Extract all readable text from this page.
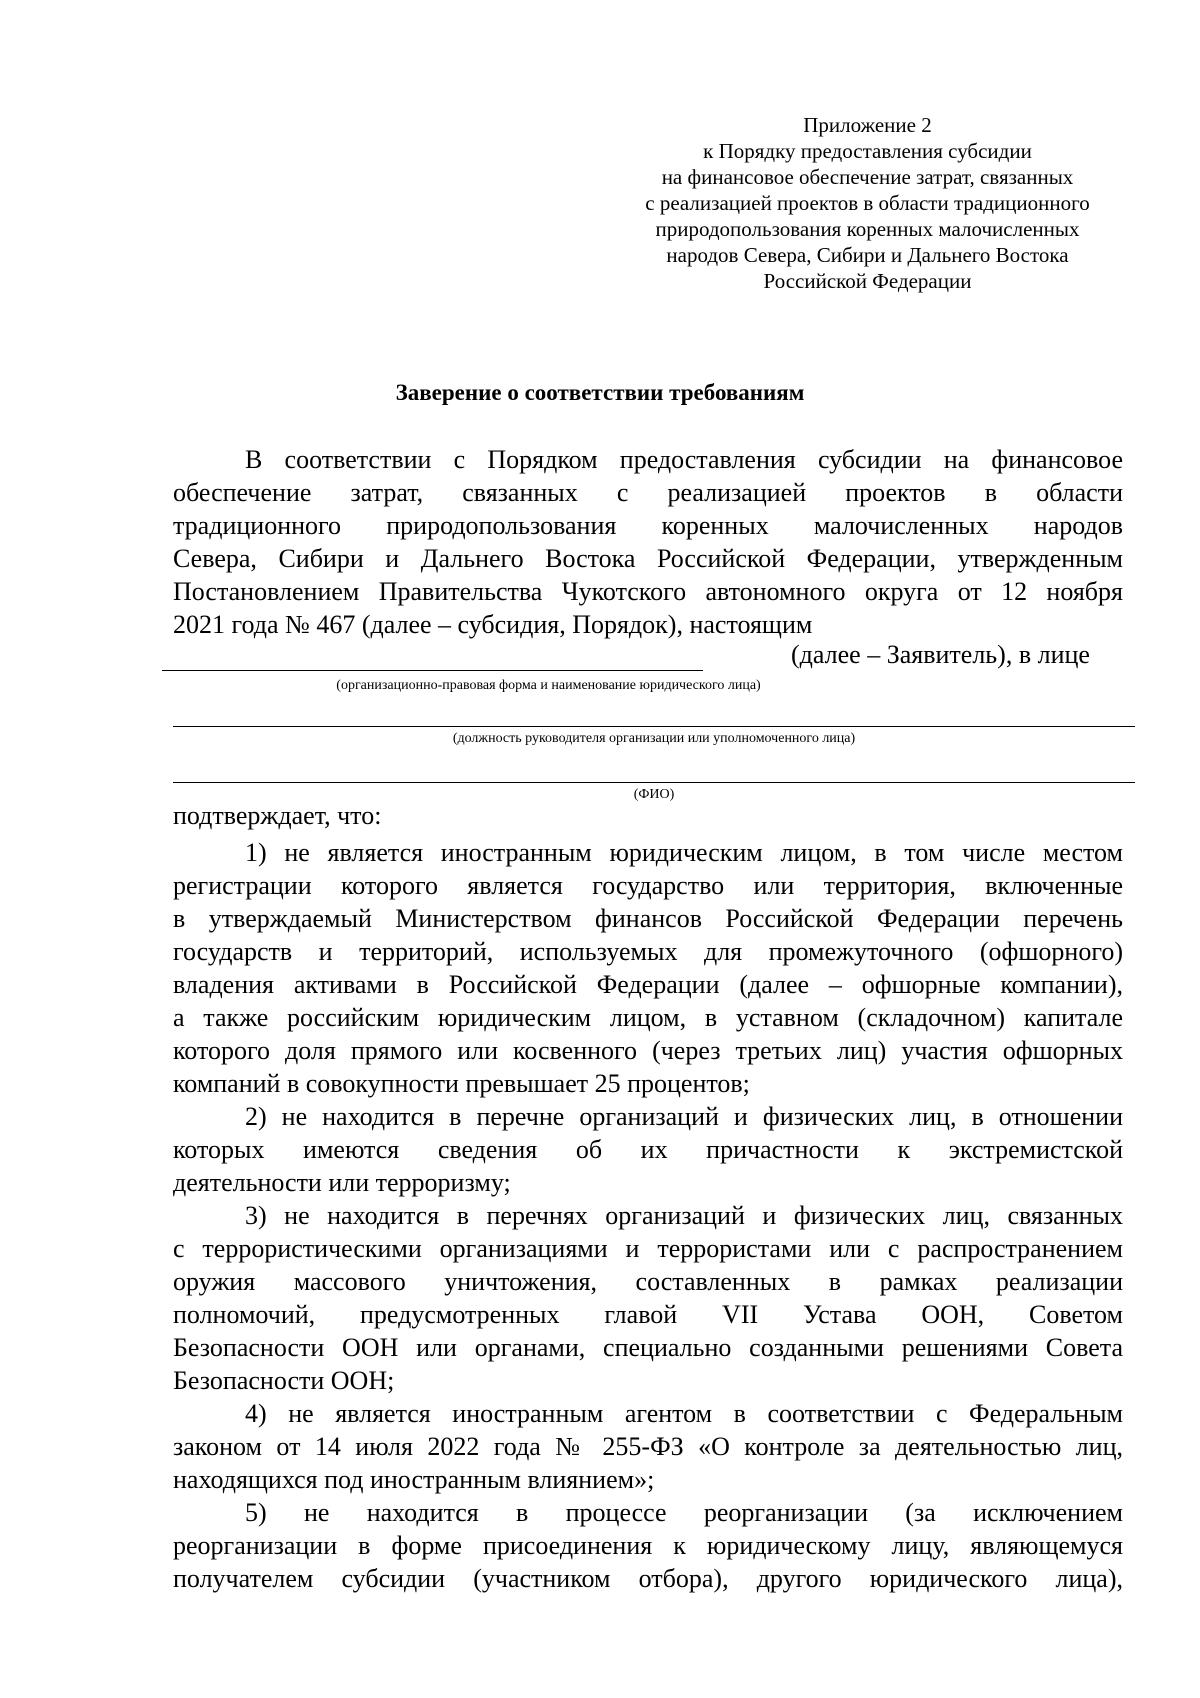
Приложение 2
к Порядку предоставления субсидии
на финансовое обеспечение затрат, связанных
с реализацией проектов в области традиционного
природопользования коренных малочисленных
народов Севера, Сибири и Дальнего Востока
Российской Федерации
Заверение о соответствии требованиям
В соответствии с Порядком предоставления субсидии на финансовое
обеспечение затрат, связанных с реализацией проектов в области
традиционного природопользования коренных малочисленных народов
Севера, Сибири и Дальнего Востока Российской Федерации, утвержденным
Постановлением Правительства Чукотского автономного округа от 12 ноября
2021 года № 467 (далее – субсидия, Порядок), настоящим
(далее – Заявитель), в лице
(организационно-правовая форма и наименование юридического лица)
(должность руководителя организации или уполномоченного лица)
(ФИО)
подтверждает, что:
1) не является иностранным юридическим лицом, в том числе местом
регистрации которого является государство или территория, включенные
в утверждаемый Министерством финансов Российской Федерации перечень
государств и территорий, используемых для промежуточного (офшорного)
владения активами в Российской Федерации (далее – офшорные компании),
а также российским юридическим лицом, в уставном (складочном) капитале
которого доля прямого или косвенного (через третьих лиц) участия офшорных
компаний в совокупности превышает 25 процентов;
2) не находится в перечне организаций и физических лиц, в отношении
которых имеются сведения об их причастности к экстремистской
деятельности или терроризму;
3) не находится в перечнях организаций и физических лиц, связанных
с террористическими организациями и террористами или с распространением
оружия массового уничтожения, составленных в рамках реализации
полномочий, предусмотренных главой VII Устава ООН, Советом
Безопасности ООН или органами, специально созданными решениями Совета
Безопасности ООН;
4) не является иностранным агентом в соответствии с Федеральным
законом от 14 июля 2022 года № 255-ФЗ «О контроле за деятельностью лиц,
находящихся под иностранным влиянием»;
5) не находится в процессе реорганизации (за исключением
реорганизации в форме присоединения к юридическому лицу, являющемуся
получателем субсидии (участником отбора), другого юридического лица),
